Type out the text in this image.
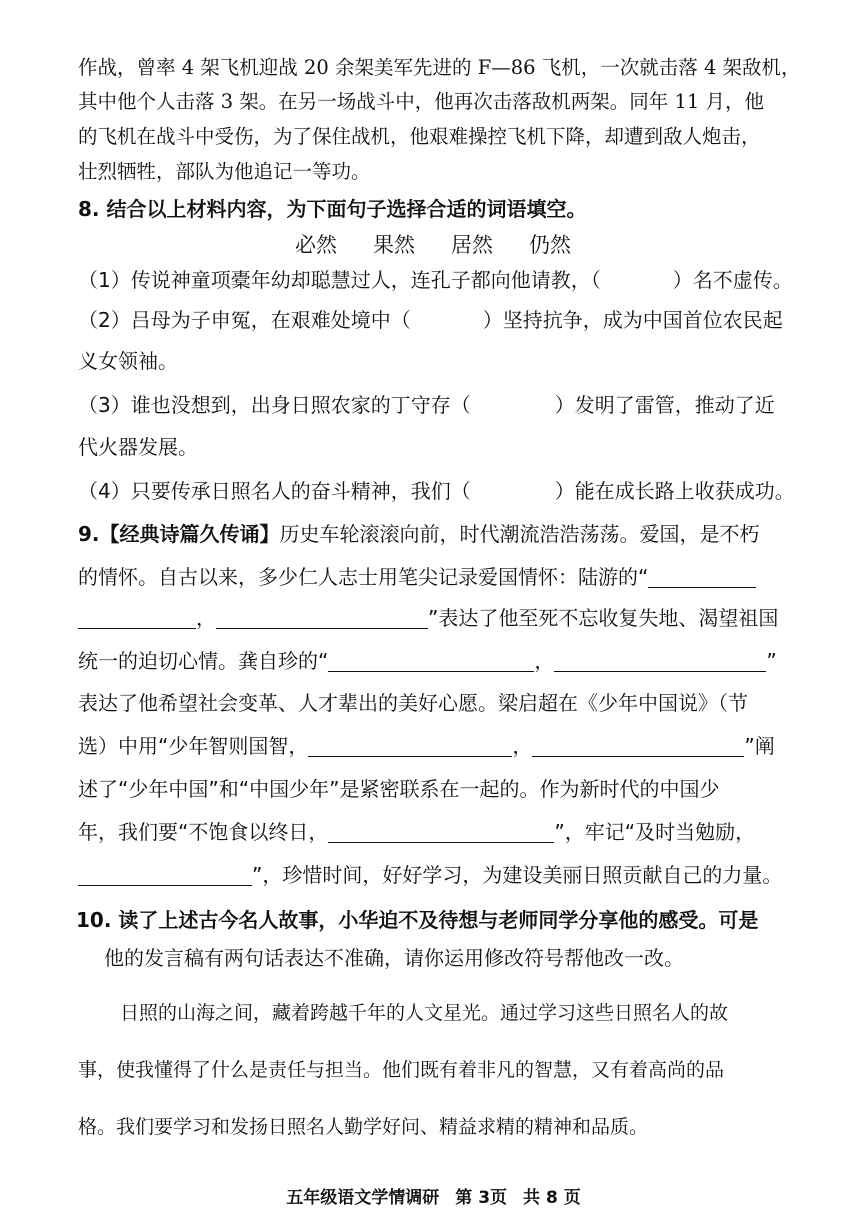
作战，曾率 4 架飞机迎战 20 余架美军先进的 F—86 飞机，一次就击落 4 架敌机，
其中他个人击落 3 架。在另一场战斗中，他再次击落敌机两架。同年 11 月，他
的飞机在战斗中受伤，为了保住战机，他艰难操控飞机下降，却遭到敌人炮击，
壮烈牺牲，部队为他追记一等功。
8. 结合以上材料内容，为下面句子选择合适的词语填空。
必然 果然 居然 仍然
（1）传说神童项橐年幼却聪慧过人，连孔子都向他请教，（	）名不虚传。
（2）吕母为子申冤，在艰难处境中（	）坚持抗争，成为中国首位农民起
义女领袖。
（3）谁也没想到，出身日照农家的丁守存（	）发明了雷管，推动了近
代火器发展。
（4）只要传承日照名人的奋斗精神，我们（	）能在成长路上收获成功。
9.【经典诗篇久传诵】历史车轮滚滚向前，时代潮流浩浩荡荡。爱国，是不朽
的情怀。自古以来，多少仁人志士用笔尖记录爱国情怀：陆游的“
，	”表达了他至死不忘收复失地、渴望祖国
统一的迫切心情。龚自珍的“	，	”
表达了他希望社会变革、人才辈出的美好心愿。梁启超在《少年中国说》（节
选）中用“少年智则国智，	，	”阐
述了“少年中国”和“中国少年”是紧密联系在一起的。作为新时代的中国少
年，我们要“不饱食以终日，	”，牢记“及时当勉励，
”，珍惜时间，好好学习，为建设美丽日照贡献自己的力量。
10. 读了上述古今名人故事，小华迫不及待想与老师同学分享他的感受。可是
他的发言稿有两句话表达不准确，请你运用修改符号帮他改一改。
日照的山海之间，藏着跨越千年的人文星光。通过学习这些日照名人的故
事，使我懂得了什么是责任与担当。他们既有着非凡的智慧，又有着高尚的品
格。我们要学习和发扬日照名人勤学好问、精益求精的精神和品质。
五年级语文学情调研 第 3页 共 8 页
